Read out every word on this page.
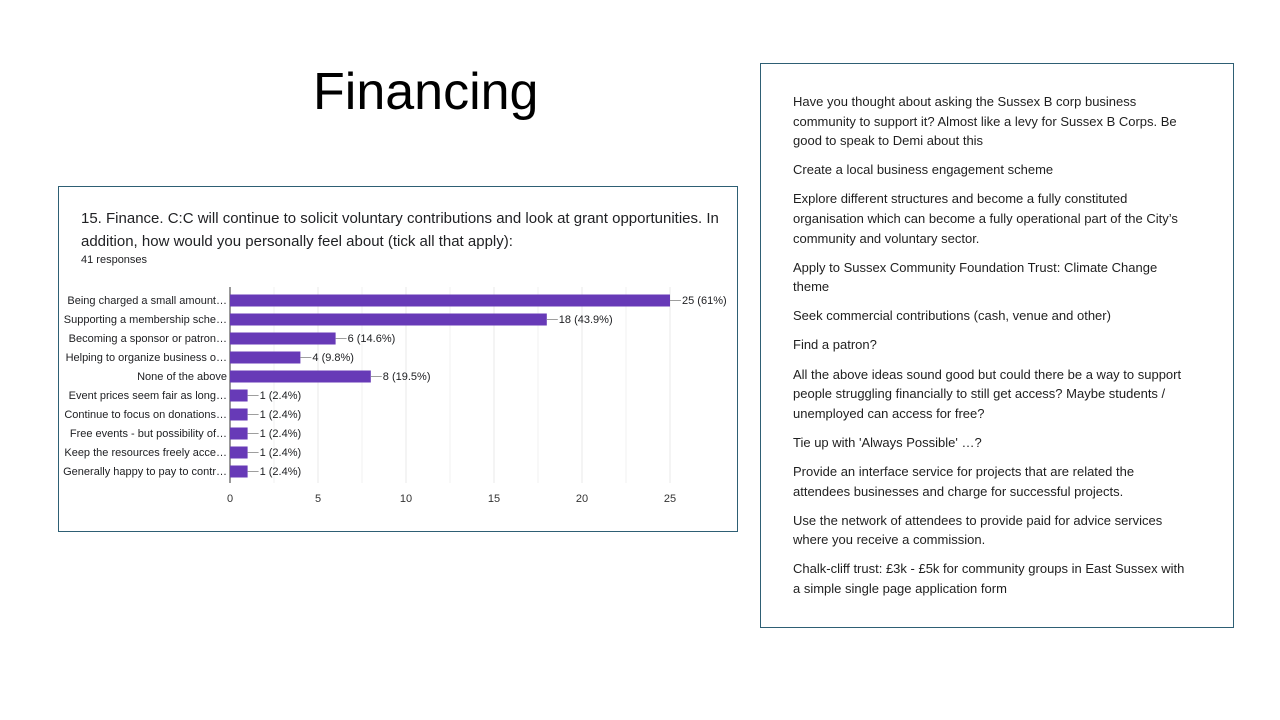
Financing

15. Finance. C:C will continue to solicit voluntary contributions and look at grant opportunities. In addition, how would you personally feel about (tick all that apply):

41 responses
Being charged a small amount…
Supporting a membership sche…
Becoming a sponsor or patron…
Helping to organize business o…
None of the above
Event prices seem fair as long…
Continue to focus on donations…
Free events - but possibility of…
Keep the resources freely acce…
Generally happy to pay to contr…
25 (61%)
18 (43.9%)
6 (14.6%)
4 (9.8%)
8 (19.5%)
1 (2.4%)
1 (2.4%)
1 (2.4%)
1 (2.4%)
1 (2.4%)
0	5	10	15	20	25
Have you thought about asking the Sussex B corp business community to support it? Almost like a levy for Sussex B Corps. Be good to speak to Demi about this
Create a local business engagement scheme
Explore different structures and become a fully constituted organisation which can become a fully operational part of the City’s community and voluntary sector.
Apply to Sussex Community Foundation Trust: Climate Change theme
Seek commercial contributions (cash, venue and other)
Find a patron?
All the above ideas sound good but could there be a way to support people struggling financially to still get access? Maybe students / unemployed can access for free?
Tie up with 'Always Possible' …?
Provide an interface service for projects that are related the attendees businesses and charge for successful projects.
Use the network of attendees to provide paid for advice services where you receive a commission.
Chalk-cliff trust: £3k - £5k for community groups in East Sussex with a simple single page application form
